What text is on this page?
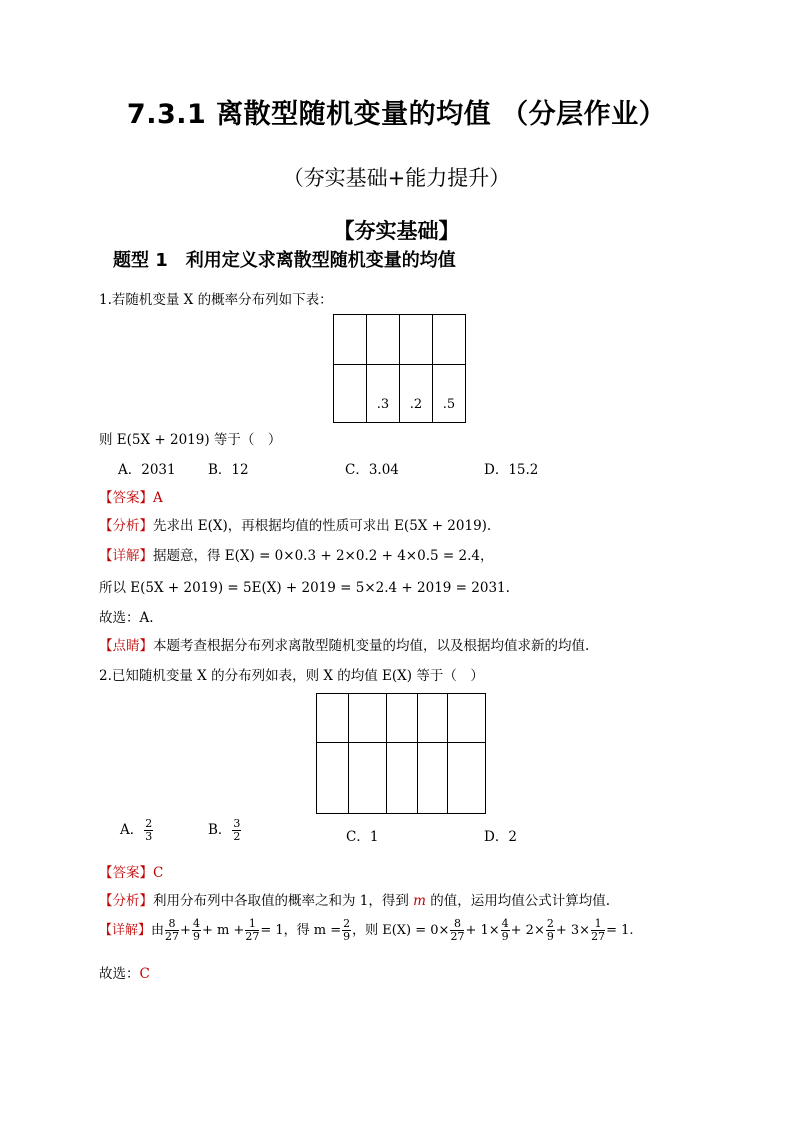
7.3.1 离散型随机变量的均值 （分层作业）
（夯实基础+能力提升）
【夯实基础】
题型 1　利用定义求离散型随机变量的均值
1.若随机变量 X 的概率分布列如下表：

	.3	.2	.5
则 E(5X + 2019) 等于（　）
A．2031 B．12	C．3.04	D．15.2
【答案】A
【分析】先求出 E(X)，再根据均值的性质可求出 E(5X + 2019).
【详解】据题意，得 E(X) = 0×0.3 + 2×0.2 + 4×0.5 = 2.4，
所以 E(5X + 2019) = 5E(X) + 2019 = 5×2.4 + 2019 = 2031.
故选：A.
【点睛】本题考查根据分布列求离散型随机变量的均值，以及根据均值求新的均值.
2.已知随机变量 X 的分布列如表，则 X 的均值 E(X) 等于（　）

A． $\frac{2}{3}$	B． $\frac{3}{2}$	C．1	D．2
【答案】C
【分析】利用分布列中各取值的概率之和为 1，得到 m 的值，运用均值公式计算均值.
【详解】由 $\frac{8}{27} + \frac{4}{9} + m + \frac{1}{27} = 1$，得 $m = \frac{2}{9}$ ，则 $E(X) = 0\times \frac{8}{27} + 1\times \frac{4}{9} + 2\times \frac{2}{9} + 3\times \frac{1}{27} = 1$.
故选：C
